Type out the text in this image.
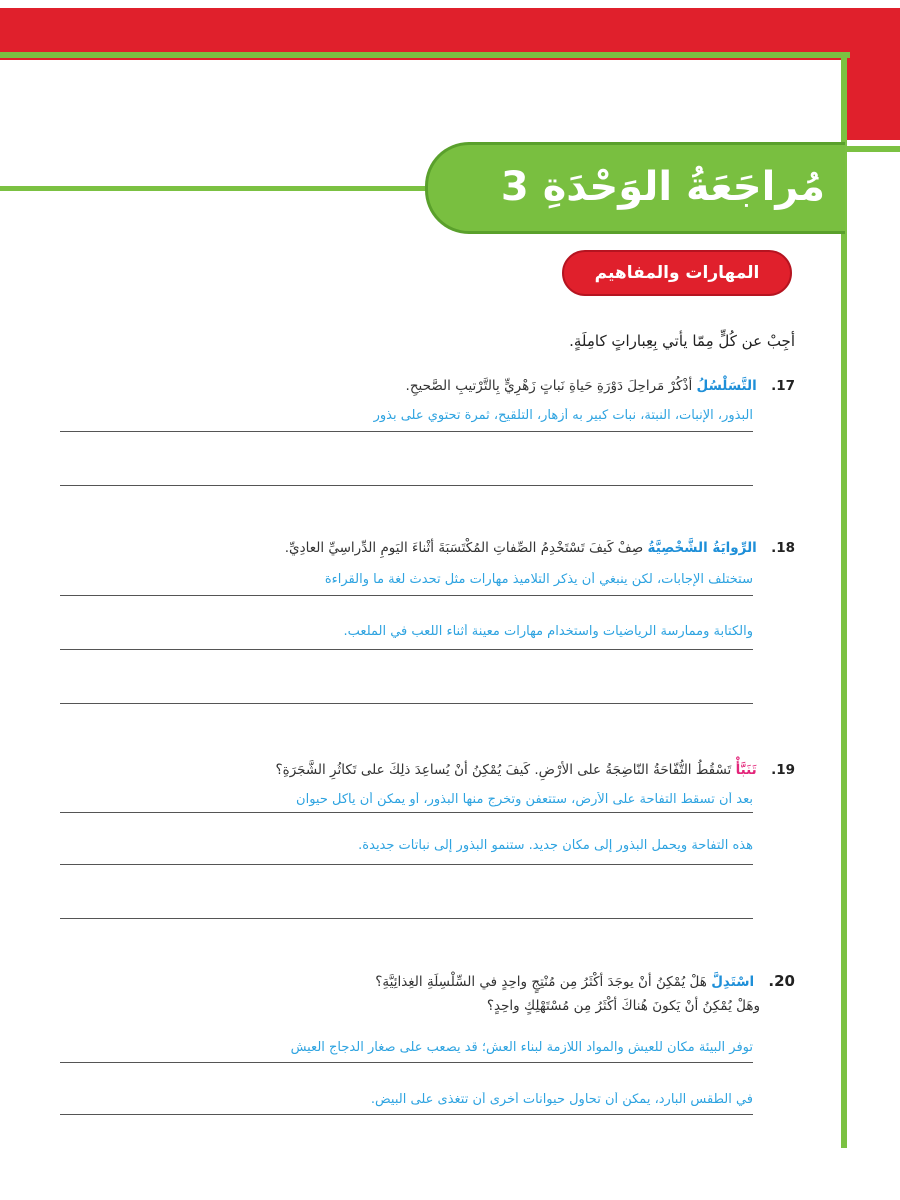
مُراجَعَةُ الوَحْدَةِ 3
المهارات والمفاهيم
أجِبْ عن كُلٍّ مِمّا يأتي بِعِباراتٍ كامِلَةٍ.
17. التَّسَلْسُلُ أذْكُرْ مَراحِلَ دَوْرَةِ حَياةِ نَباتٍ زَهْرِيٍّ بِالتَّرْتيبِ الصَّحيحِ.
البذور، الإنبات، النبتة، نبات كبير به أزهار، التلقيح، ثمرة تحتوي على بذور
18. الرِّوايَةُ الشَّخْصِيَّةُ صِفْ كَيفَ تَسْتَخْدِمُ الصِّفاتِ المُكْتَسَبَةَ أثْناءَ اليَومِ الدِّراسِيِّ العادِيِّ.
ستختلف الإجابات، لكن ينبغي أن يذكر التلاميذ مهارات مثل تحدث لغة ما والقراءة
والكتابة وممارسة الرياضيات واستخدام مهارات معينة أثناء اللعب في الملعب.
19. تَنَبَّأْ تَسْقُطُ التُّفّاحَةُ النّاضِجَةُ على الأرْضِ. كَيفَ يُمْكِنُ أنْ يُساعِدَ ذلِكَ على تَكاثُرِ الشَّجَرَةِ؟
بعد أن تسقط التفاحة على الأرض، ستتعفن وتخرج منها البذور، أو يمكن أن يأكل حيوان
هذه التفاحة ويحمل البذور إلى مكان جديد. ستنمو البذور إلى نباتات جديدة.
20. اسْتَدِلَّ هَلْ يُمْكِنُ أنْ يوجَدَ أكْثَرُ مِن مُنْتِجٍ واحِدٍ في السِّلْسِلَةِ الغِذائِيَّةِ؟
وهَلْ يُمْكِنُ أنْ يَكونَ هُناكَ أكْثَرُ مِن مُسْتَهْلِكٍ واحِدٍ؟
توفر البيئة مكان للعيش والمواد اللازمة لبناء العش؛ قد يصعب على صغار الدجاج العيش
في الطقس البارد، يمكن أن تحاول حيوانات أخرى أن تتغذى على البيض.
